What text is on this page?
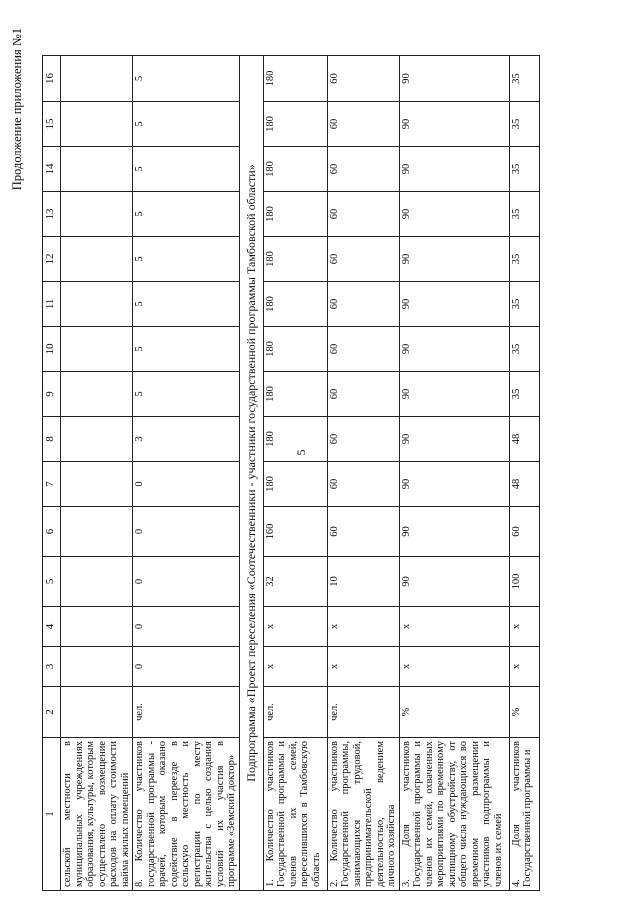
Продолжение приложения №1
5
1	2	3	4	5	6	7	8	9	10	11	12	13	14	15	16
сельской местности в муниципальных учреждениях образования, культуры, которым осуществлено возмещение расходов на оплату стоимости найма жилых помещений															
8. Количество участников государственной программы - врачей, которым оказано содействие в переезде в сельскую местность и регистрации по месту жительства с целью создания условий их участия в программе «Земский доктор»	чел.	0	0	0	0	0	3	5	5	5	5	5	5	5	5
Подпрограмма «Проект переселения «Соотечественники - участники государственной программы Тамбовской области»															
1. Количество участников Государственной программы и членов их семей, переселившихся в Тамбовскую область	чел.	x	x	32	160	180	180	180	180	180	180	180	180	180	180
2. Количество участников Государственной программы, занимающихся трудовой, предпринимательской деятельностью, ведением личного хозяйства	чел.	x	x	10	60	60	60	60	60	60	60	60	60	60	60
3. Доля участников Государственной программы и членов их семей, охваченных мероприятиями по временному жилищному обустройству, от общего числа нуждающихся во временном размещении участников подпрограммы и членов их семей	%	x	x	90	90	90	90	90	90	90	90	90	90	90	90
4. Доля участников Государственной программы и	%	x	x	100	60	48	48	35	35	35	35	35	35	35	35
